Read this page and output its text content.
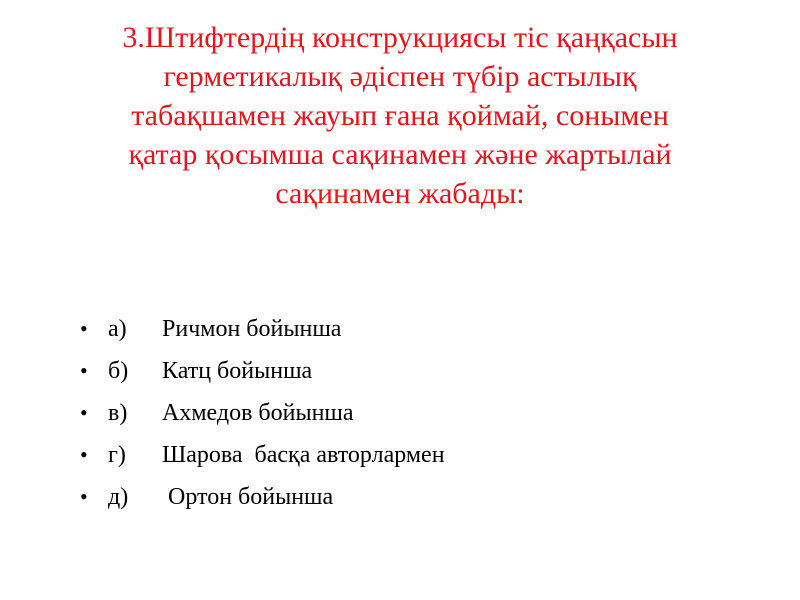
3.Штифтердің конструкциясы тіс қаңқасын
герметикалық әдіспен түбір астылық
табақшамен жауып ғана қоймай, сонымен
қатар қосымша сақинамен және жартылай
сақинамен жабады:

•

а)

Ричмон бойынша

•

б)

Катц бойынша

•

в)

Ахмедов бойынша

•

г)

Шарова  басқа авторлармен

•

д)

Ортон бойынша
